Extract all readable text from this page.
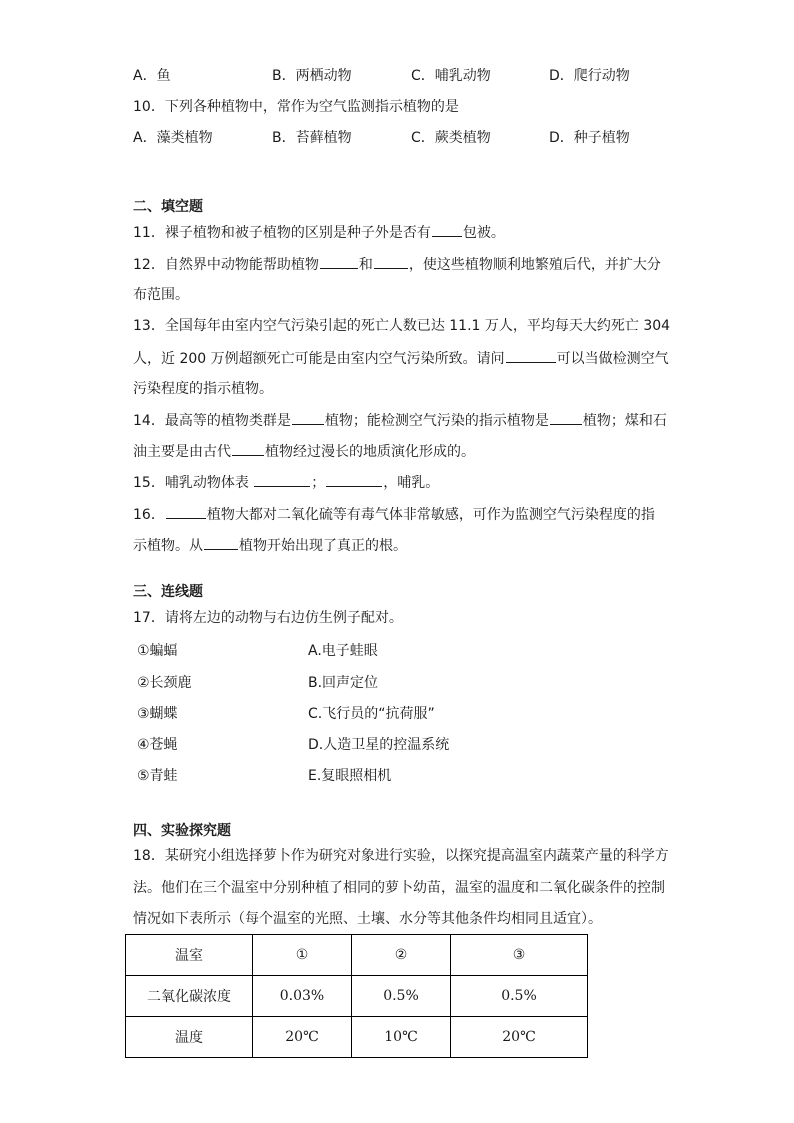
A．鱼	B．两栖动物	C．哺乳动物	D．爬行动物
10．下列各种植物中，常作为空气监测指示植物的是
A．藻类植物	B．苔藓植物	C．蕨类植物	D．种子植物
二、填空题
11．裸子植物和被子植物的区别是种子外是否有 包被。
12．自然界中动物能帮助植物	和	，使这些植物顺利地繁殖后代，并扩大分
布范围。
13．全国每年由室内空气污染引起的死亡人数已达 11.1 万人，平均每天大约死亡 304
人，近 200 万例超额死亡可能是由室内空气污染所致。请问	可以当做检测空气
污染程度的指示植物。
14．最高等的植物类群是 植物；能检测空气污染的指示植物是 植物；煤和石
油主要是由古代 植物经过漫长的地质演化形成的。
15．哺乳动物体表	；	，哺乳。
16．	植物大都对二氧化硫等有毒气体非常敏感，可作为监测空气污染程度的指
示植物。从	植物开始出现了真正的根。
三、连线题
17．请将左边的动物与右边仿生例子配对。
①蝙蝠	A.电子蛙眼
②长颈鹿	B.回声定位
③蝴蝶	C.飞行员的“抗荷服”
④苍蝇	D.人造卫星的控温系统
⑤青蛙	E.复眼照相机
四、实验探究题
18．某研究小组选择萝卜作为研究对象进行实验，以探究提高温室内蔬菜产量的科学方
法。他们在三个温室中分别种植了相同的萝卜幼苗，温室的温度和二氧化碳条件的控制
情况如下表所示（每个温室的光照、土壤、水分等其他条件均相同且适宜）。
温室	①	②	③
二氧化碳浓度	0.03%	0.5%	0.5%
温度	20℃	10℃	20℃
